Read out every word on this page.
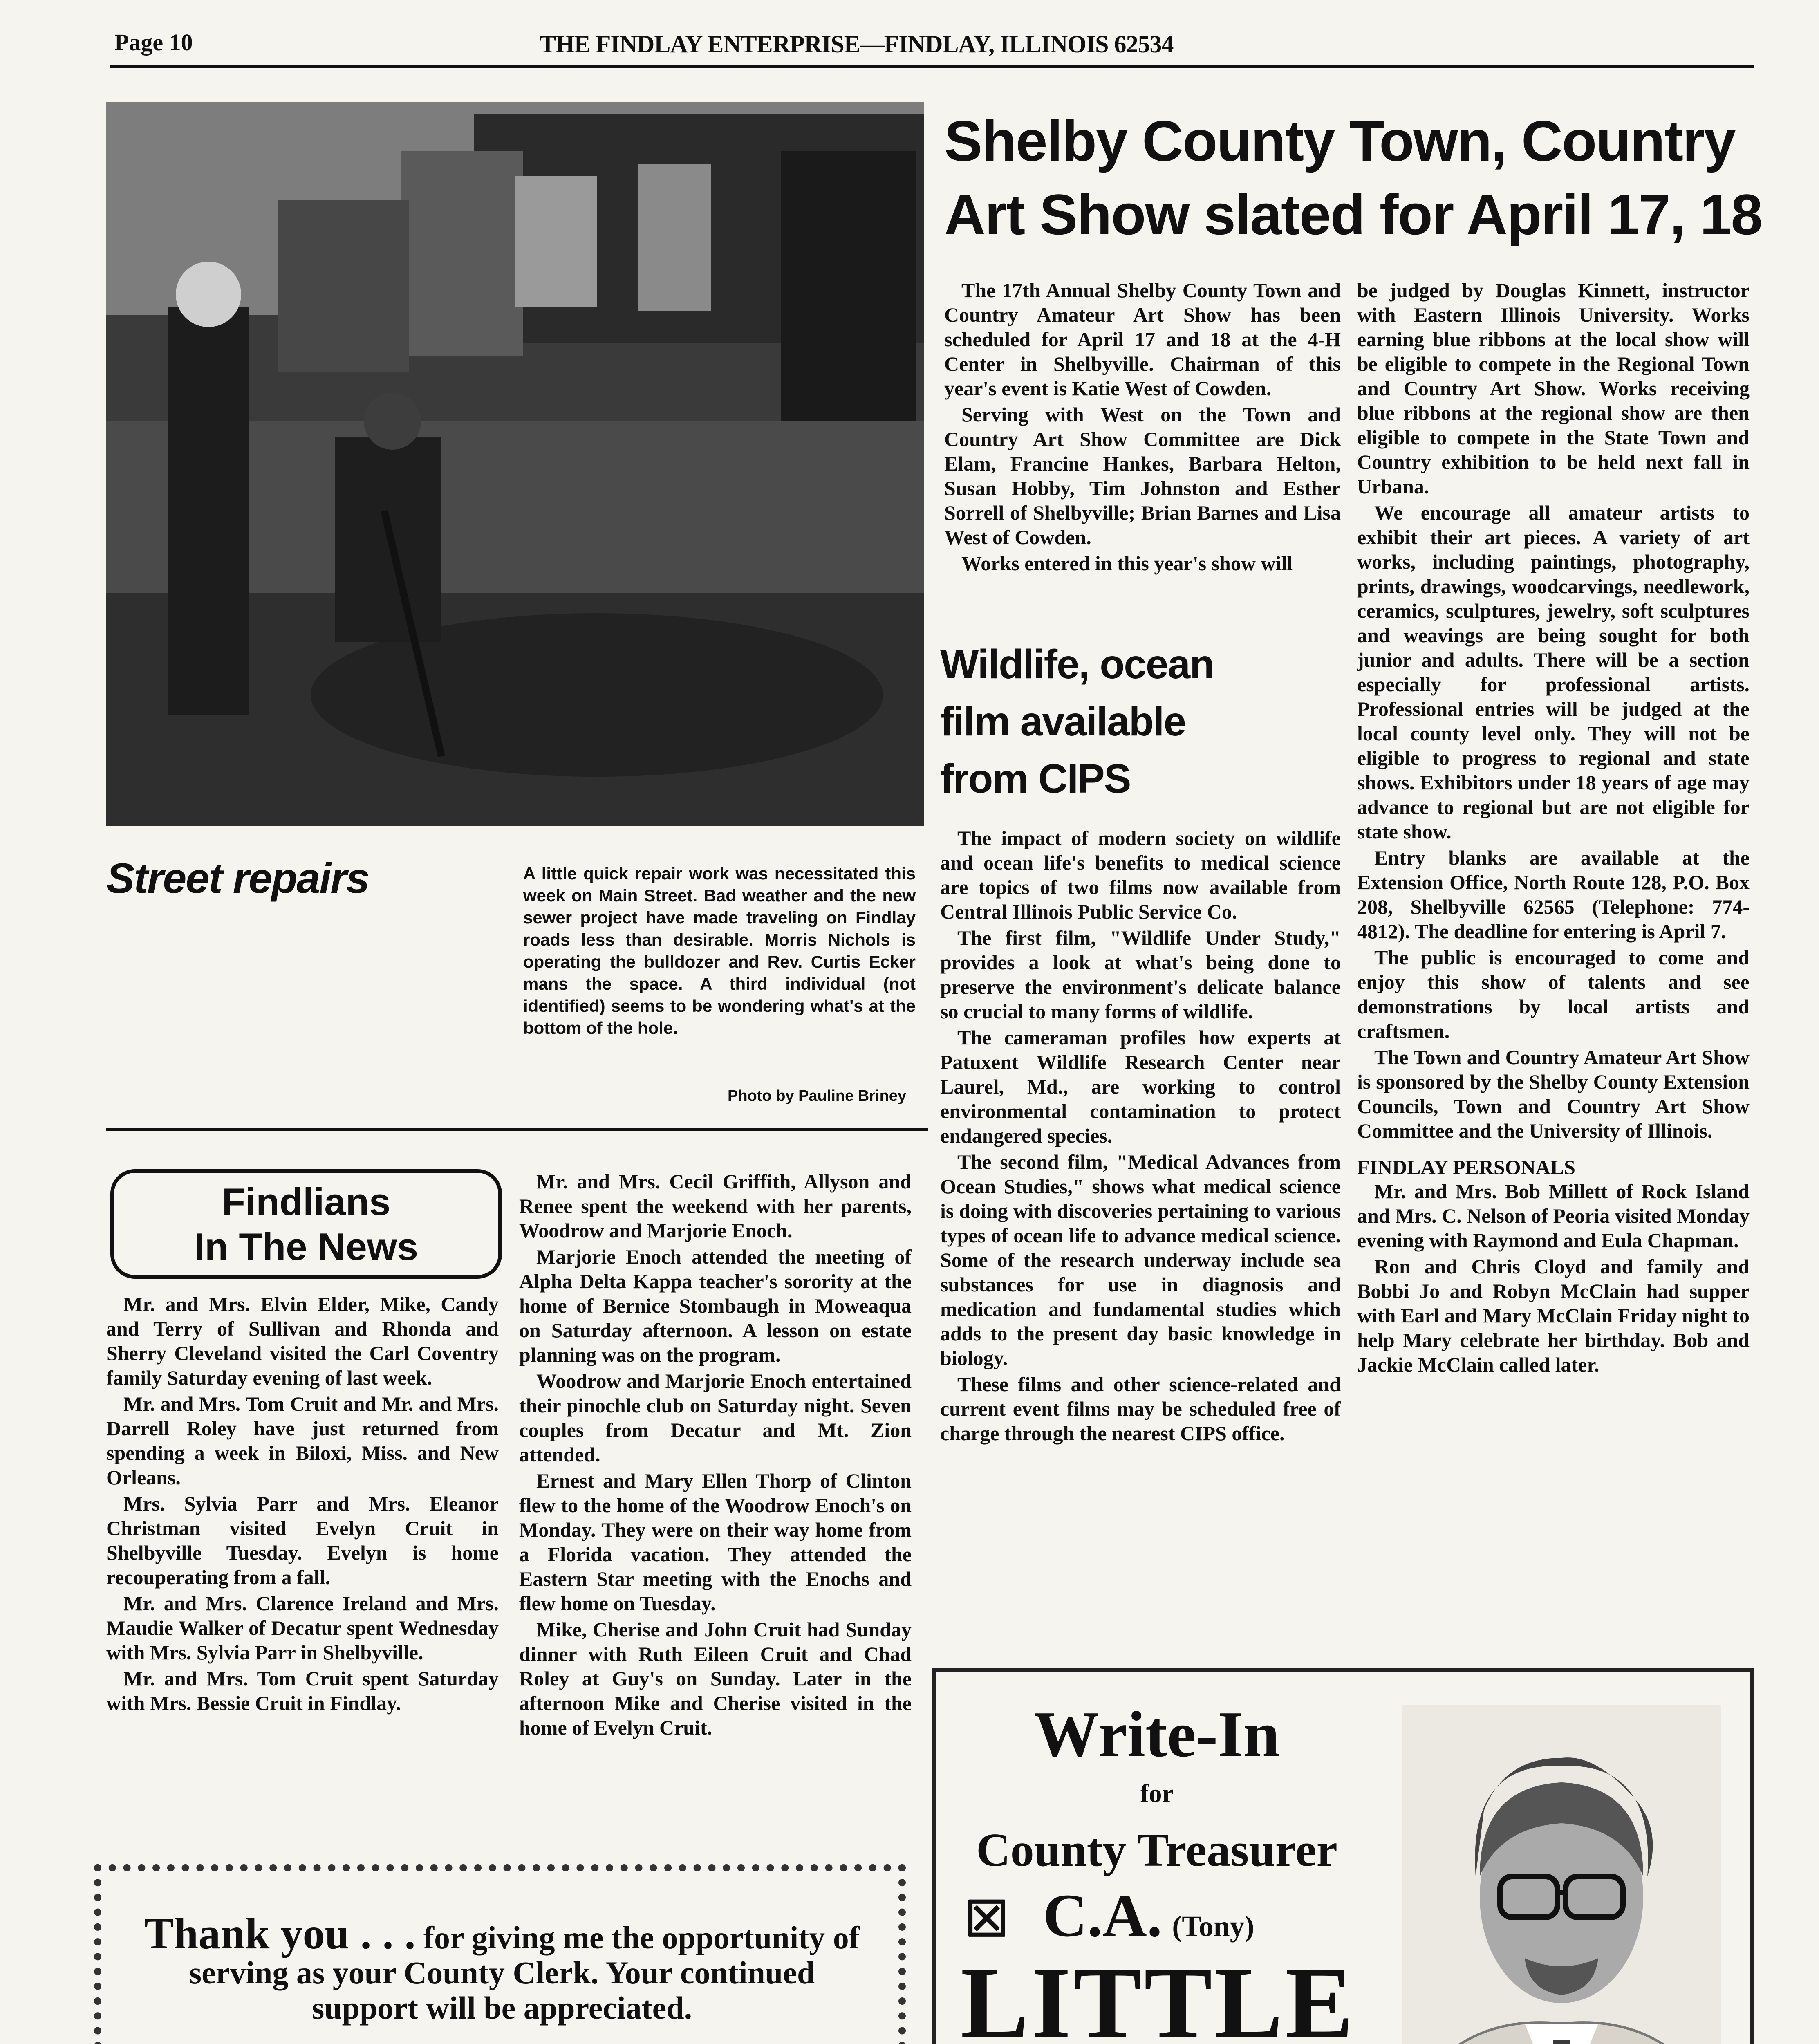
Page 10	THE FINDLAY ENTERPRISE—FINDLAY, ILLINOIS 62534
Street repairs	A little quick repair work was necessitated this week on Main Street. Bad weather and the new sewer project have made traveling on Findlay roads less than desirable. Morris Nichols is operating the bulldozer and Rev. Curtis Ecker mans the space. A third individual (not identified) seems to be wondering what's at the bottom of the hole.
Photo by Pauline Briney
Shelby County Town, Country
Art Show slated for April 17, 18

The 17th Annual Shelby County Town and Country Amateur Art Show has been scheduled for April 17 and 18 at the 4-H Center in Shelbyville. Chairman of this year's event is Katie West of Cowden.

Serving with West on the Town and Country Art Show Committee are Dick Elam, Francine Hankes, Barbara Helton, Susan Hobby, Tim Johnston and Esther Sorrell of Shelbyville; Brian Barnes and Lisa West of Cowden.

Works entered in this year's show will

Wildlife, ocean
film available
from CIPS

The impact of modern society on wildlife and ocean life's benefits to medical science are topics of two films now available from Central Illinois Public Service Co.

The first film, "Wildlife Under Study," provides a look at what's being done to preserve the environment's delicate balance so crucial to many forms of wildlife.

The cameraman profiles how experts at Patuxent Wildlife Research Center near Laurel, Md., are working to control environmental contamination to protect endangered species.

The second film, "Medical Advances from Ocean Studies," shows what medical science is doing with discoveries pertaining to various types of ocean life to advance medical science. Some of the research underway include sea substances for use in diagnosis and medication and fundamental studies which adds to the present day basic knowledge in biology.

These films and other science-related and current event films may be scheduled free of charge through the nearest CIPS office.

be judged by Douglas Kinnett, instructor with Eastern Illinois University. Works earning blue ribbons at the local show will be eligible to compete in the Regional Town and Country Art Show. Works receiving blue ribbons at the regional show are then eligible to compete in the State Town and Country exhibition to be held next fall in Urbana.

We encourage all amateur artists to exhibit their art pieces. A variety of art works, including paintings, photography, prints, drawings, woodcarvings, needlework, ceramics, sculptures, jewelry, soft sculptures and weavings are being sought for both junior and adults. There will be a section especially for professional artists. Professional entries will be judged at the local county level only. They will not be eligible to progress to regional and state shows. Exhibitors under 18 years of age may advance to regional but are not eligible for state show.

Entry blanks are available at the Extension Office, North Route 128, P.O. Box 208, Shelbyville 62565 (Telephone: 774-4812). The deadline for entering is April 7.

The public is encouraged to come and enjoy this show of talents and see demonstrations by local artists and craftsmen.

The Town and Country Amateur Art Show is sponsored by the Shelby County Extension Councils, Town and Country Art Show Committee and the University of Illinois.

FINDLAY PERSONALS

Mr. and Mrs. Bob Millett of Rock Island and Mrs. C. Nelson of Peoria visited Monday evening with Raymond and Eula Chapman.

Ron and Chris Cloyd and family and Bobbi Jo and Robyn McClain had supper with Earl and Mary McClain Friday night to help Mary celebrate her birthday. Bob and Jackie McClain called later.

Findlians
In The News

Mr. and Mrs. Elvin Elder, Mike, Candy and Terry of Sullivan and Rhonda and Sherry Cleveland visited the Carl Coventry family Saturday evening of last week.

Mr. and Mrs. Tom Cruit and Mr. and Mrs. Darrell Roley have just returned from spending a week in Biloxi, Miss. and New Orleans.

Mrs. Sylvia Parr and Mrs. Eleanor Christman visited Evelyn Cruit in Shelbyville Tuesday. Evelyn is home recouperating from a fall.

Mr. and Mrs. Clarence Ireland and Mrs. Maudie Walker of Decatur spent Wednesday with Mrs. Sylvia Parr in Shelbyville.

Mr. and Mrs. Tom Cruit spent Saturday with Mrs. Bessie Cruit in Findlay.

Mr. and Mrs. Cecil Griffith, Allyson and Renee spent the weekend with her parents, Woodrow and Marjorie Enoch.

Marjorie Enoch attended the meeting of Alpha Delta Kappa teacher's sorority at the home of Bernice Stombaugh in Moweaqua on Saturday afternoon. A lesson on estate planning was on the program.

Woodrow and Marjorie Enoch entertained their pinochle club on Saturday night. Seven couples from Decatur and Mt. Zion attended.

Ernest and Mary Ellen Thorp of Clinton flew to the home of the Woodrow Enoch's on Monday. They were on their way home from a Florida vacation. They attended the Eastern Star meeting with the Enochs and flew home on Tuesday.

Mike, Cherise and John Cruit had Sunday dinner with Ruth Eileen Cruit and Chad Roley at Guy's on Sunday. Later in the afternoon Mike and Cherise visited in the home of Evelyn Cruit.

Thank you . . . for giving me the opportunity of serving as your County Clerk. Your continued support will be appreciated.
Write-In
for
County Treasurer
☒ C.A. (Tony)
LITTLE
